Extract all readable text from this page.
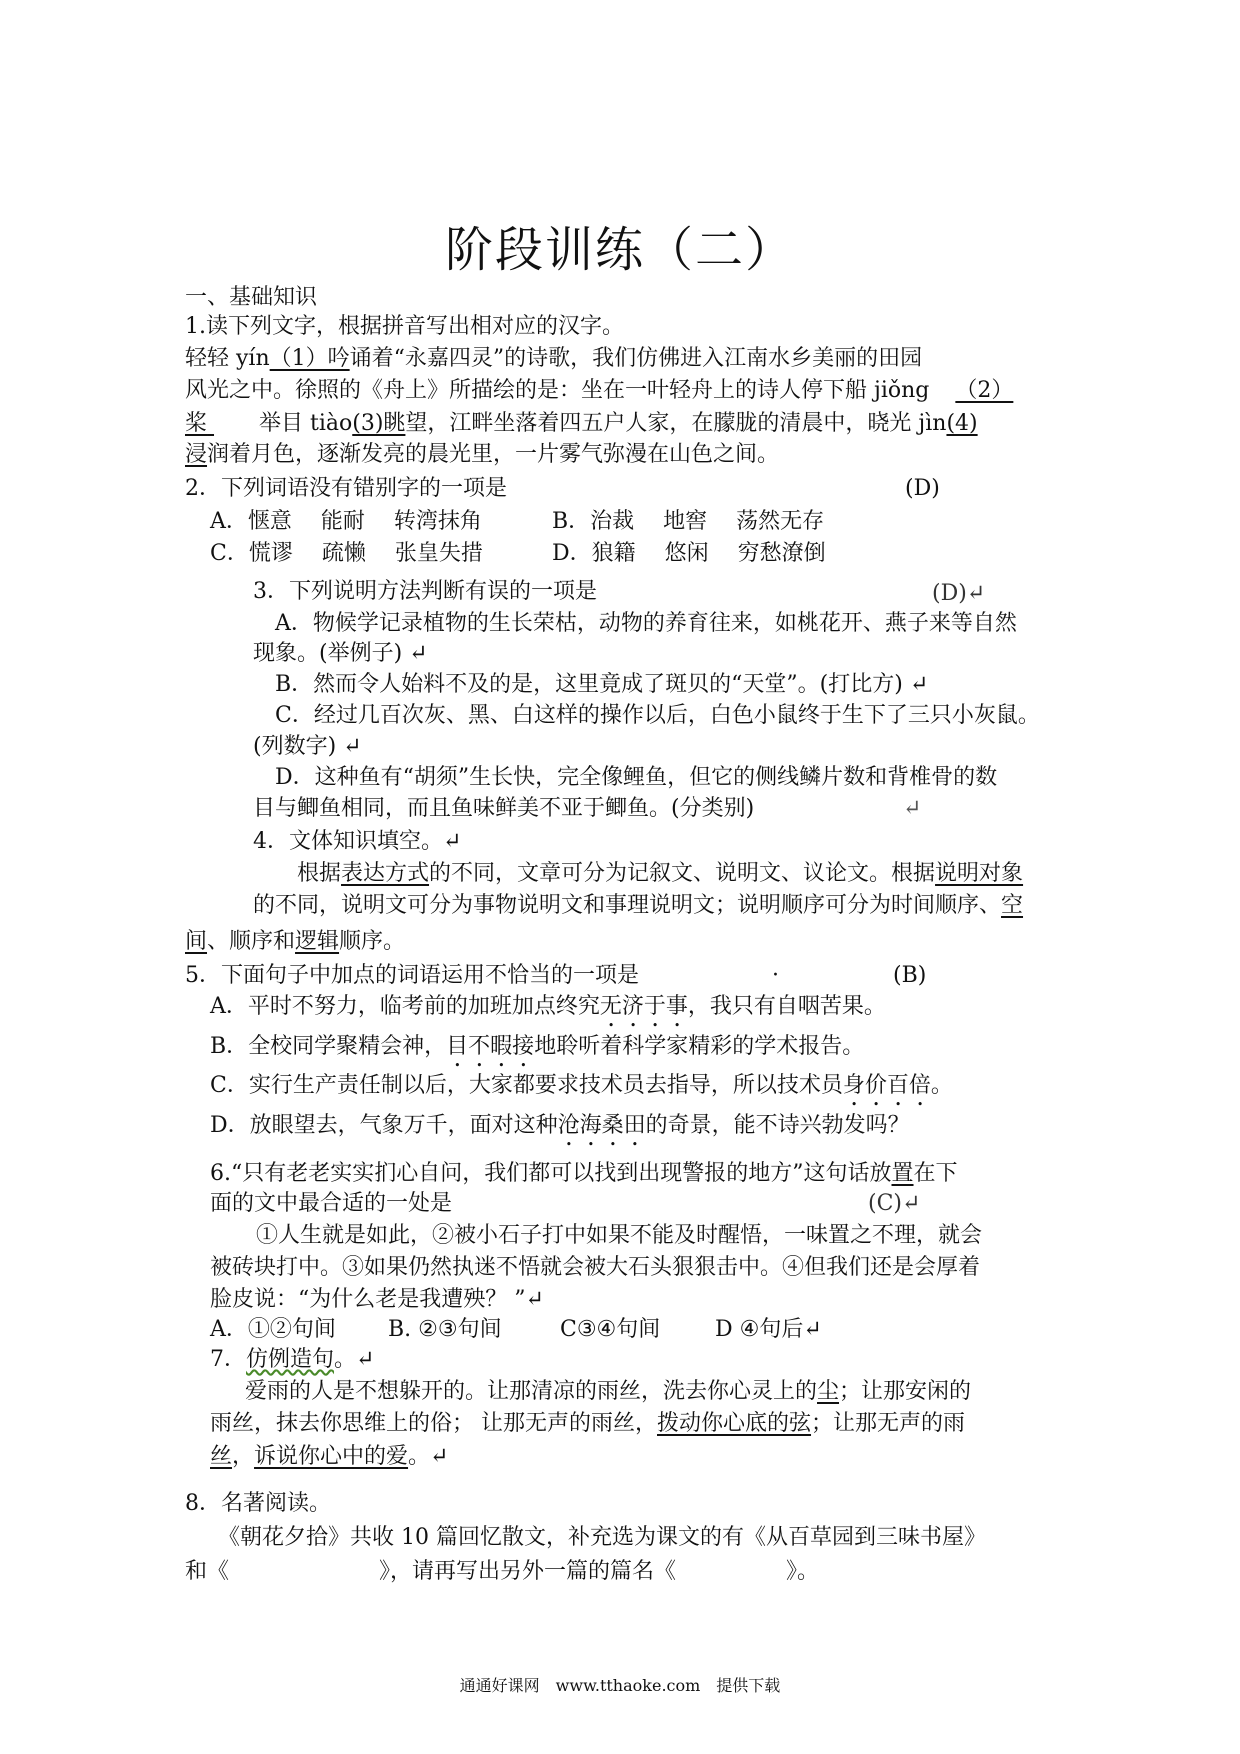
阶段训练（二）
一、基础知识
1.读下列文字，根据拼音写出相对应的汉字。
轻轻 yín（1）吟诵着“永嘉四灵”的诗歌，我们仿佛进入江南水乡美丽的田园
风光之中。徐照的《舟上》所描绘的是：坐在一叶轻舟上的诗人停下船 jiǒng （2）
桨 举目 tiào(3)眺望，江畔坐落着四五户人家，在朦胧的清晨中，晓光 jìn(4)
浸润着月色，逐渐发亮的晨光里，一片雾气弥漫在山色之间。
2．下列词语没有错别字的一项是	(D)
A．惬意　 能耐　 转湾抹角	B．治裁　 地窖　 荡然无存
C．慌谬　 疏懒　 张皇失措	D．狼籍　 悠闲　 穷愁潦倒
3．下列说明方法判断有误的一项是	(D)↵
A．物候学记录植物的生长荣枯，动物的养育往来，如桃花开、燕子来等自然
现象。(举例子) ↵
B．然而令人始料不及的是，这里竟成了斑贝的“天堂”。(打比方) ↵
C．经过几百次灰、黑、白这样的操作以后，白色小鼠终于生下了三只小灰鼠。
(列数字) ↵
D．这种鱼有“胡须”生长快，完全像鲤鱼，但它的侧线鳞片数和背椎骨的数
目与鲫鱼相同，而且鱼味鲜美不亚于鲫鱼。(分类别)	↵
4．文体知识填空。↵
根据表达方式的不同，文章可分为记叙文、说明文、议论文。根据说明对象
的不同，说明文可分为事物说明文和事理说明文；说明顺序可分为时间顺序、空
间、顺序和逻辑顺序。
5．下面句子中加点的词语运用不恰当的一项是	·	(B)
A．平时不努力，临考前的加班加点终究无济于事，我只有自咽苦果。
B．全校同学聚精会神，目不暇接地聆听着科学家精彩的学术报告。
C．实行生产责任制以后，大家都要求技术员去指导，所以技术员身价百倍。
D．放眼望去，气象万千，面对这种沧海桑田的奇景，能不诗兴勃发吗？
6.“只有老老实实扪心自问，我们都可以找到出现警报的地方”这句话放置在下
面的文中最合适的一处是	(C)↵
①人生就是如此，②被小石子打中如果不能及时醒悟，一味置之不理，就会
被砖块打中。③如果仍然执迷不悟就会被大石头狠狠击中。④但我们还是会厚着
脸皮说：“为什么老是我遭殃？ ”↵
A．①②句间 B. ②③句间	C③④句间 D ④句后↵
7．仿例造句。↵
爱雨的人是不想躲开的。让那清凉的雨丝，洗去你心灵上的尘；让那安闲的
雨丝，抹去你思维上的俗； 让那无声的雨丝，拨动你心底的弦；让那无声的雨
丝，诉说你心中的爱。↵
8．名著阅读。
《朝花夕拾》共收 10 篇回忆散文，补充选为课文的有《从百草园到三味书屋》
和《	》，请再写出另外一篇的篇名《	》。
通通好课网　www.tthaoke.com　提供下载
